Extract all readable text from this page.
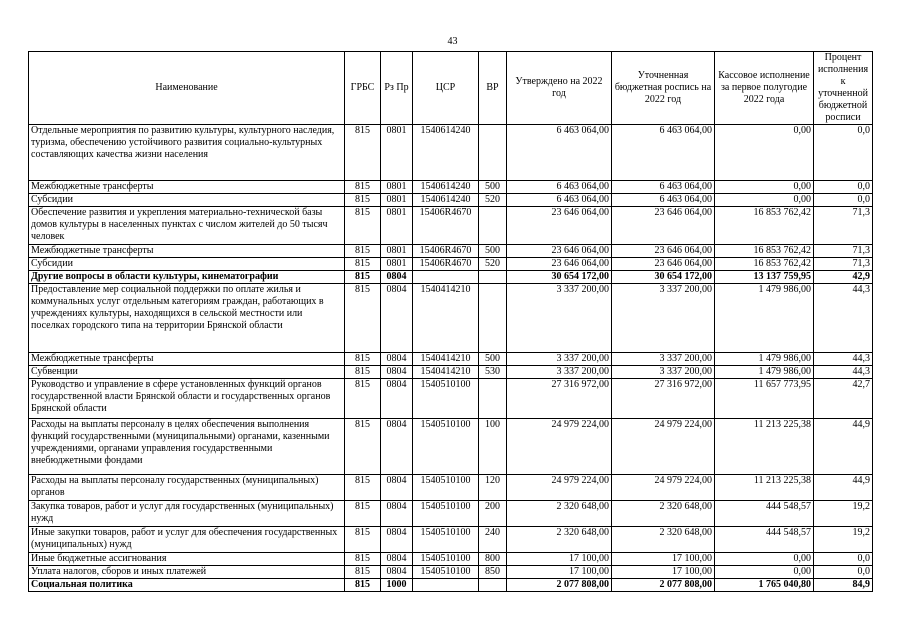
43
Наименование	ГРБС	Рз Пр	ЦСР	ВР	Утверждено на 2022 год	Уточненная бюджетная роспись на 2022 год	Кассовое исполнение за первое полугодие 2022 года	Процент исполнения к уточненной бюджетной росписи
Отдельные мероприятия по развитию культуры, культурного наследия, туризма, обеспечению устойчивого развития социально-культурных составляющих качества жизни населения	815	0801	1540614240		6 463 064,00	6 463 064,00	0,00	0,0
Межбюджетные трансферты	815	0801	1540614240	500	6 463 064,00	6 463 064,00	0,00	0,0
Субсидии	815	0801	1540614240	520	6 463 064,00	6 463 064,00	0,00	0,0
Обеспечение развития и укрепления материально-технической базы домов культуры в населенных пунктах с числом жителей до 50 тысяч человек	815	0801	15406R4670		23 646 064,00	23 646 064,00	16 853 762,42	71,3
Межбюджетные трансферты	815	0801	15406R4670	500	23 646 064,00	23 646 064,00	16 853 762,42	71,3
Субсидии	815	0801	15406R4670	520	23 646 064,00	23 646 064,00	16 853 762,42	71,3
Другие вопросы в области культуры, кинематографии	815	0804			30 654 172,00	30 654 172,00	13 137 759,95	42,9
Предоставление мер социальной поддержки по оплате жилья и коммунальных услуг отдельным категориям граждан, работающих в учреждениях культуры, находящихся в сельской местности или поселках городского типа на территории Брянской области	815	0804	1540414210		3 337 200,00	3 337 200,00	1 479 986,00	44,3
Межбюджетные трансферты	815	0804	1540414210	500	3 337 200,00	3 337 200,00	1 479 986,00	44,3
Субвенции	815	0804	1540414210	530	3 337 200,00	3 337 200,00	1 479 986,00	44,3
Руководство и управление в сфере установленных функций органов государственной власти Брянской области и государственных органов Брянской области	815	0804	1540510100		27 316 972,00	27 316 972,00	11 657 773,95	42,7
Расходы на выплаты персоналу в целях обеспечения выполнения функций государственными (муниципальными) органами, казенными учреждениями, органами управления государственными внебюджетными фондами	815	0804	1540510100	100	24 979 224,00	24 979 224,00	11 213 225,38	44,9
Расходы на выплаты персоналу государственных (муниципальных) органов	815	0804	1540510100	120	24 979 224,00	24 979 224,00	11 213 225,38	44,9
Закупка товаров, работ и услуг для государственных (муниципальных) нужд	815	0804	1540510100	200	2 320 648,00	2 320 648,00	444 548,57	19,2
Иные закупки товаров, работ и услуг для обеспечения государственных (муниципальных) нужд	815	0804	1540510100	240	2 320 648,00	2 320 648,00	444 548,57	19,2
Иные бюджетные ассигнования	815	0804	1540510100	800	17 100,00	17 100,00	0,00	0,0
Уплата налогов, сборов и иных платежей	815	0804	1540510100	850	17 100,00	17 100,00	0,00	0,0
Социальная политика	815	1000			2 077 808,00	2 077 808,00	1 765 040,80	84,9
